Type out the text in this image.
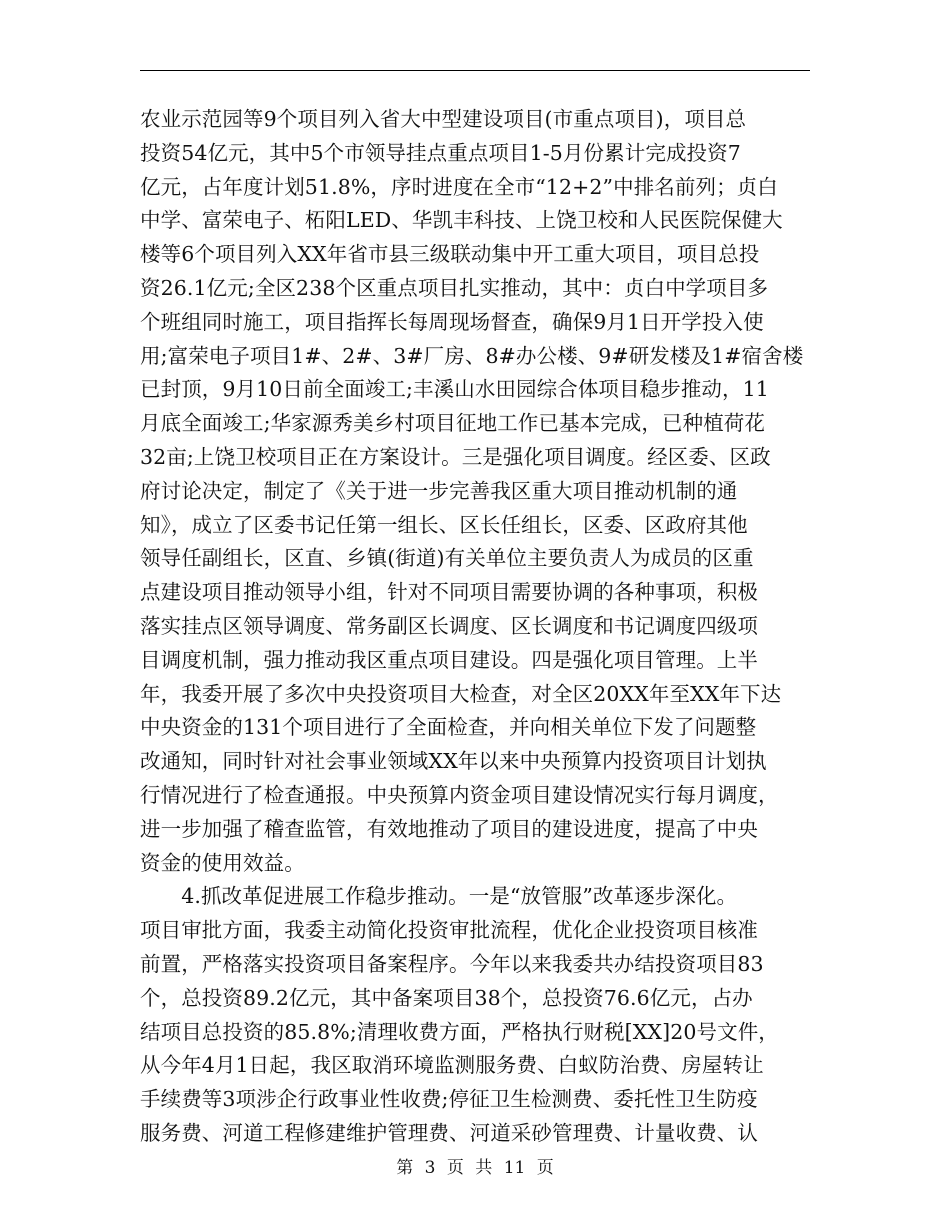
农业示范园等9个项目列入省大中型建设项目(市重点项目)，项目总
投资54亿元，其中5个市领导挂点重点项目1-5月份累计完成投资7
亿元，占年度计划51.8%，序时进度在全市“12+2”中排名前列；贞白
中学、富荣电子、柘阳LED、华凯丰科技、上饶卫校和人民医院保健大
楼等6个项目列入XX年省市县三级联动集中开工重大项目，项目总投
资26.1亿元;全区238个区重点项目扎实推动，其中：贞白中学项目多
个班组同时施工，项目指挥长每周现场督查，确保9月1日开学投入使
用;富荣电子项目1#、2#、3#厂房、8#办公楼、9#研发楼及1#宿舍楼
已封顶，9月10日前全面竣工;丰溪山水田园综合体项目稳步推动，11
月底全面竣工;华家源秀美乡村项目征地工作已基本完成，已种植荷花
32亩;上饶卫校项目正在方案设计。三是强化项目调度。经区委、区政
府讨论决定，制定了《关于进一步完善我区重大项目推动机制的通
知》，成立了区委书记任第一组长、区长任组长，区委、区政府其他
领导任副组长，区直、乡镇(街道)有关单位主要负责人为成员的区重
点建设项目推动领导小组，针对不同项目需要协调的各种事项，积极
落实挂点区领导调度、常务副区长调度、区长调度和书记调度四级项
目调度机制，强力推动我区重点项目建设。四是强化项目管理。上半
年，我委开展了多次中央投资项目大检查，对全区20XX年至XX年下达
中央资金的131个项目进行了全面检查，并向相关单位下发了问题整
改通知，同时针对社会事业领域XX年以来中央预算内投资项目计划执
行情况进行了检查通报。中央预算内资金项目建设情况实行每月调度，
进一步加强了稽查监管，有效地推动了项目的建设进度，提高了中央
资金的使用效益。
　　4.抓改革促进展工作稳步推动。一是“放管服”改革逐步深化。
项目审批方面，我委主动简化投资审批流程，优化企业投资项目核准
前置，严格落实投资项目备案程序。今年以来我委共办结投资项目83
个，总投资89.2亿元，其中备案项目38个，总投资76.6亿元，占办
结项目总投资的85.8%;清理收费方面，严格执行财税[XX]20号文件，
从今年4月1日起，我区取消环境监测服务费、白蚁防治费、房屋转让
手续费等3项涉企行政事业性收费;停征卫生检测费、委托性卫生防疫
服务费、河道工程修建维护管理费、河道采砂管理费、计量收费、认
第 3 页 共 11 页
